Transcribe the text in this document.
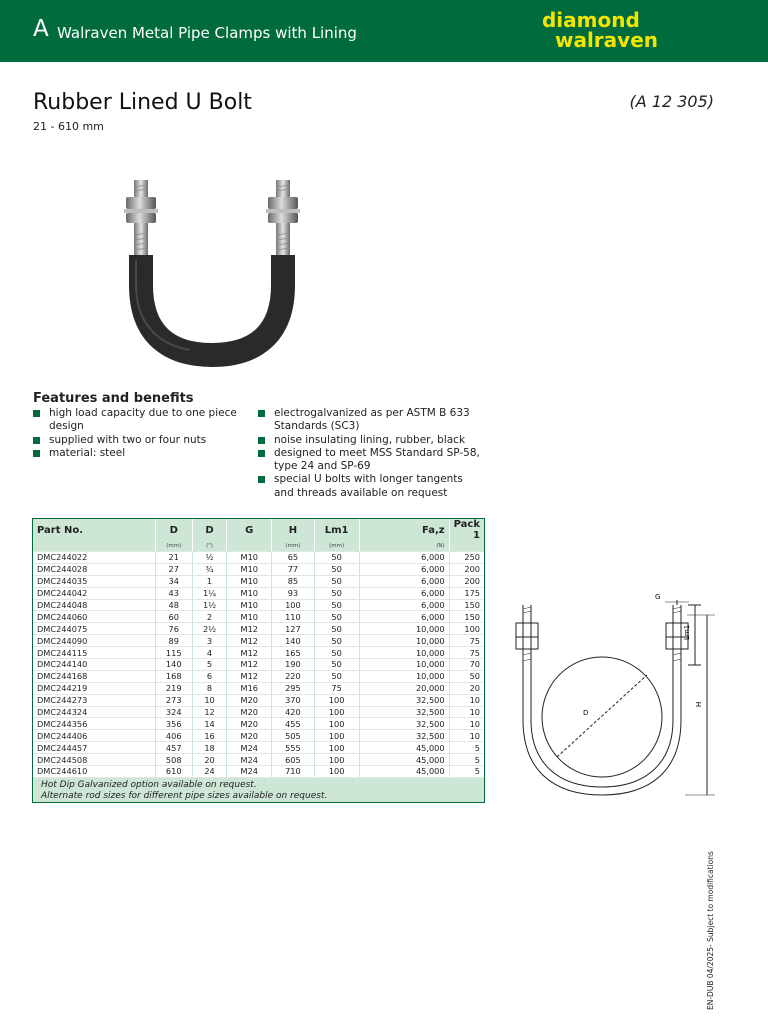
A Walraven Metal Pipe Clamps with Lining
diamond
walraven
Rubber Lined U Bolt
21 - 610 mm
(A 12 305)
Features and benefits
high load capacity due to one piece design
supplied with two or four nuts
material: steel
electrogalvanized as per ASTM B 633 Standards (SC3)
noise insulating lining, rubber, black
designed to meet MSS Standard SP-58, type 24 and SP-69
special U bolts with longer tangents and threads available on request
Part No.	D	D	G	H	Lm1	Fa,z	Pack 1
	(mm)	(")		(mm)	(mm)	(N)	
DMC244022	21	½	M10	65	50	6,000	250
DMC244028	27	¾	M10	77	50	6,000	200
DMC244035	34	1	M10	85	50	6,000	200
DMC244042	43	1¼	M10	93	50	6,000	175
DMC244048	48	1½	M10	100	50	6,000	150
DMC244060	60	2	M10	110	50	6,000	150
DMC244075	76	2½	M12	127	50	10,000	100
DMC244090	89	3	M12	140	50	10,000	75
DMC244115	115	4	M12	165	50	10,000	75
DMC244140	140	5	M12	190	50	10,000	70
DMC244168	168	6	M12	220	50	10,000	50
DMC244219	219	8	M16	295	75	20,000	20
DMC244273	273	10	M20	370	100	32,500	10
DMC244324	324	12	M20	420	100	32,500	10
DMC244356	356	14	M20	455	100	32,500	10
DMC244406	406	16	M20	505	100	32,500	10
DMC244457	457	18	M24	555	100	45,000	5
DMC244508	508	20	M24	605	100	45,000	5
DMC244610	610	24	M24	710	100	45,000	5
Hot Dip Galvanized option available on request.
Alternate rod sizes for different pipe sizes available on request.
G
Lm1
H
D
EN-DUB 04/2025- Subject to modifications
